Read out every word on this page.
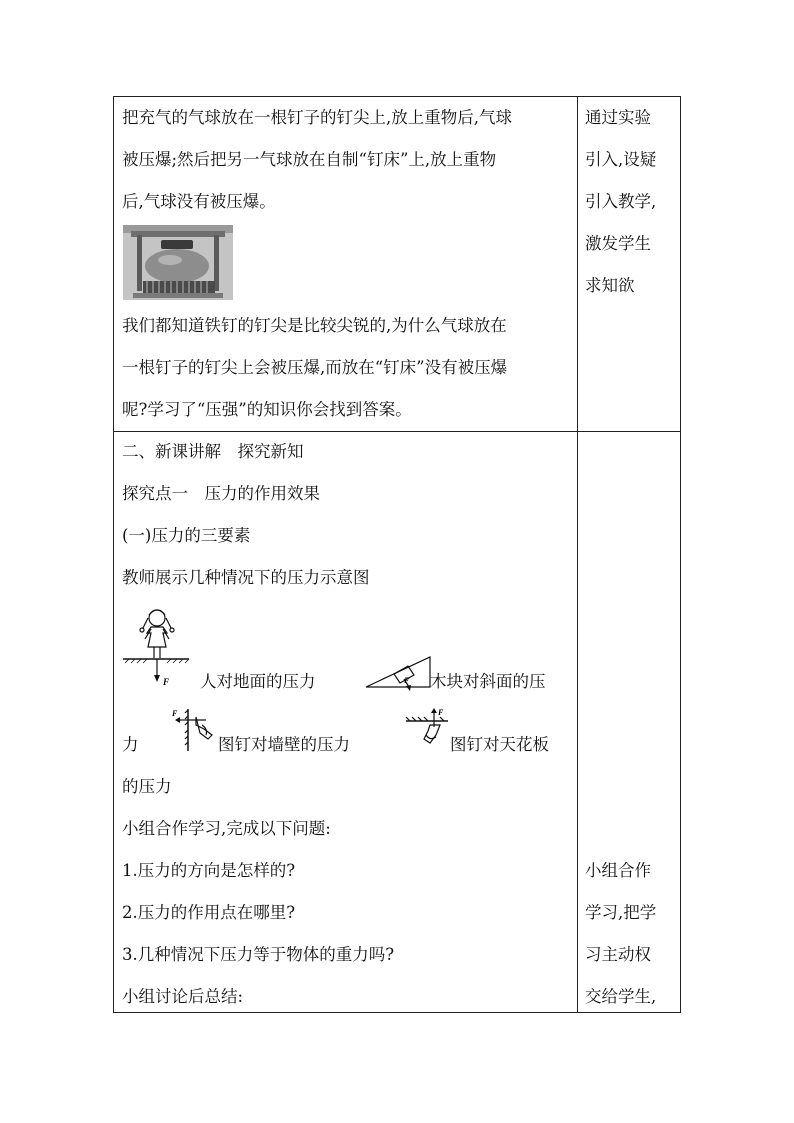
把充气的气球放在一根钉子的钉尖上,放上重物后,气球
被压爆;然后把另一气球放在自制“钉床”上,放上重物
后,气球没有被压爆。
我们都知道铁钉的钉尖是比较尖锐的,为什么气球放在
一根钉子的钉尖上会被压爆,而放在“钉床”没有被压爆
呢?学习了“压强”的知识你会找到答案。
通过实验
引入,设疑
引入教学,
激发学生
求知欲
二、新课讲解　探究新知
探究点一　压力的作用效果
(一)压力的三要素
教师展示几种情况下的压力示意图
F 人对地面的压力	F 木块对斜面的压
力
F
图钉对墙壁的压力
F
图钉对天花板
的压力
小组合作学习,完成以下问题:
1.压力的方向是怎样的?
2.压力的作用点在哪里?
3.几种情况下压力等于物体的重力吗?
小组讨论后总结:
小组合作
学习,把学
习主动权
交给学生,
